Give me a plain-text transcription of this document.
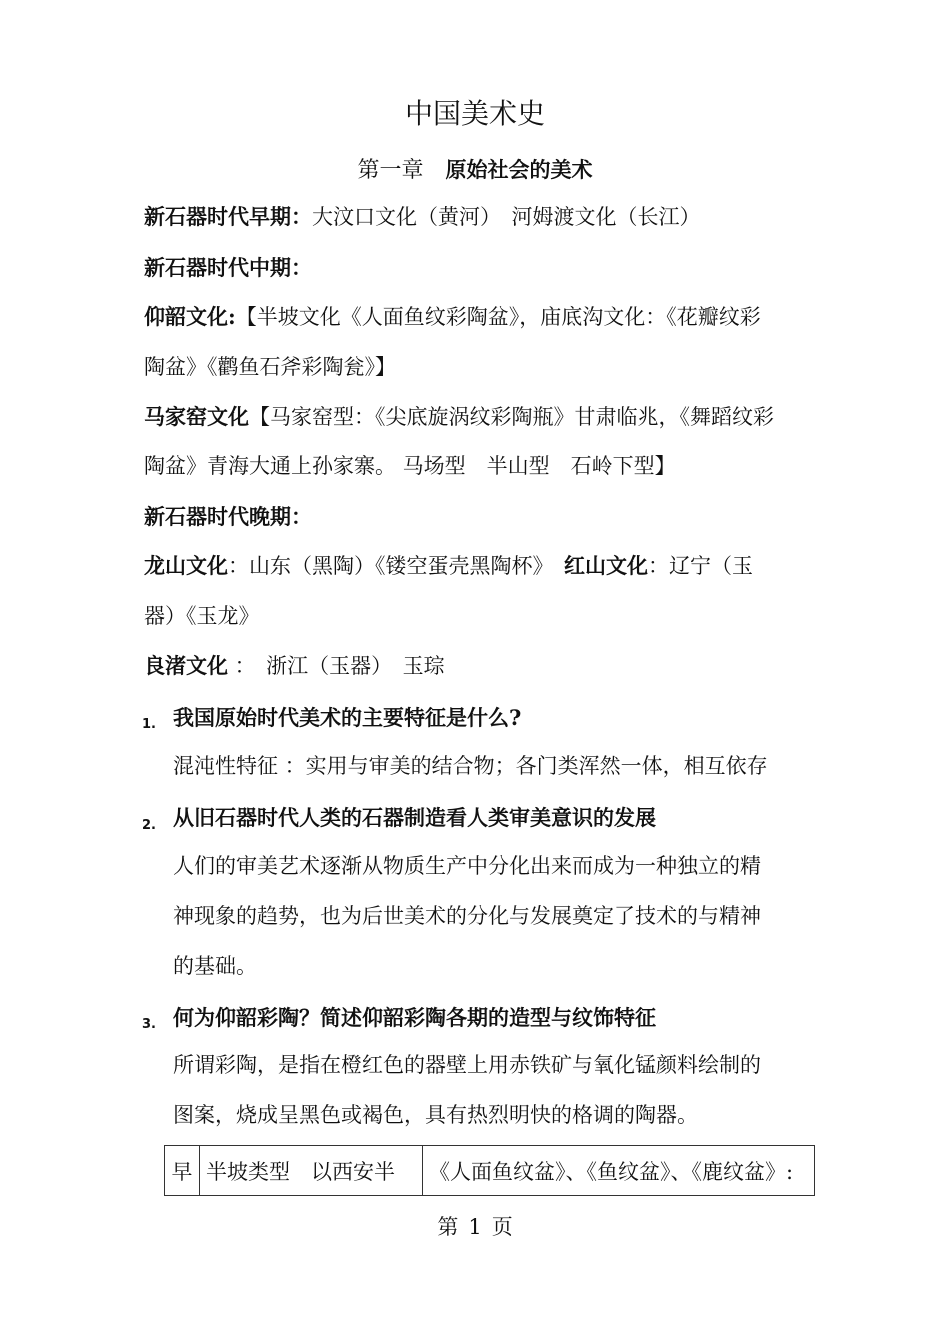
中国美术史
第一章 原始社会的美术
新石器时代早期：大汶口文化（黄河）　河姆渡文化（长江）
新石器时代中期：
仰韶文化:【半坡文化《人面鱼纹彩陶盆》，庙底沟文化：《花瓣纹彩
陶盆》《鹳鱼石斧彩陶瓮》】
马家窑文化【马家窑型：《尖底旋涡纹彩陶瓶》甘肃临兆，《舞蹈纹彩
陶盆》青海大通上孙家寨。 马场型　半山型　石岭下型】
新石器时代晚期：
龙山文化：山东（黑陶）《镂空蛋壳黑陶杯》　红山文化：辽宁（玉
器）《玉龙》
良渚文化 ：　浙江（玉器）　玉琮
1. 我国原始时代美术的主要特征是什么?
混沌性特征 ：实用与审美的结合物；各门类浑然一体，相互依存
2. 从旧石器时代人类的石器制造看人类审美意识的发展
人们的审美艺术逐渐从物质生产中分化出来而成为一种独立的精
神现象的趋势，也为后世美术的分化与发展奠定了技术的与精神
的基础。
3. 何为仰韶彩陶？简述仰韶彩陶各期的造型与纹饰特征
所谓彩陶，是指在橙红色的器壁上用赤铁矿与氧化锰颜料绘制的
图案，烧成呈黑色或褐色，具有热烈明快的格调的陶器。
早	半坡类型　以西安半	《人面鱼纹盆》、《鱼纹盆》、《鹿纹盆》:
第 1 页
